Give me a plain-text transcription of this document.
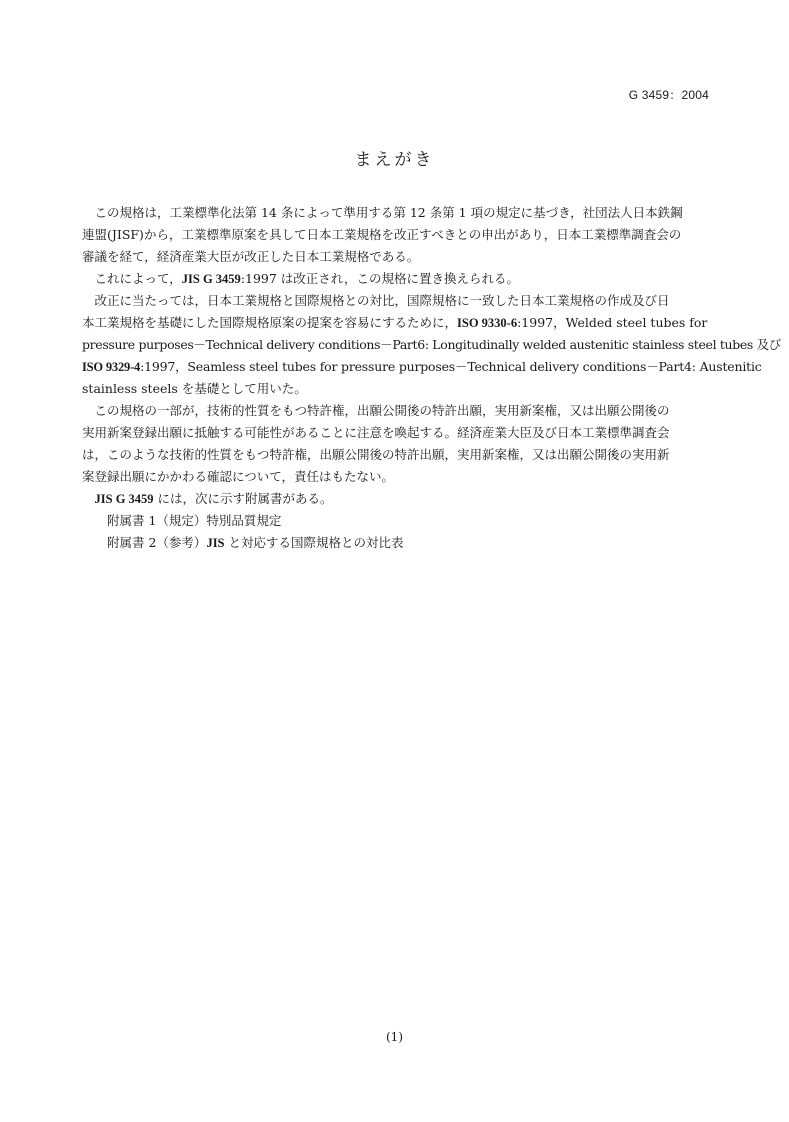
G 3459：2004
まえがき

この規格は，工業標準化法第 14 条によって準用する第 12 条第 1 項の規定に基づき，社団法人日本鉄鋼

連盟(JISF)から，工業標準原案を具して日本工業規格を改正すべきとの申出があり，日本工業標準調査会の

審議を経て，経済産業大臣が改正した日本工業規格である。

これによって，JIS G 3459:1997 は改正され，この規格に置き換えられる。

改正に当たっては，日本工業規格と国際規格との対比，国際規格に一致した日本工業規格の作成及び日

本工業規格を基礎にした国際規格原案の提案を容易にするために，ISO 9330-6:1997，Welded steel tubes for

pressure purposes－Technical delivery conditions－Part6: Longitudinally welded austenitic stainless steel tubes 及び

ISO 9329-4:1997，Seamless steel tubes for pressure purposes－Technical delivery conditions－Part4: Austenitic

stainless steels を基礎として用いた。

この規格の一部が，技術的性質をもつ特許権，出願公開後の特許出願，実用新案権，又は出願公開後の

実用新案登録出願に抵触する可能性があることに注意を喚起する。経済産業大臣及び日本工業標準調査会

は，このような技術的性質をもつ特許権，出願公開後の特許出願，実用新案権，又は出願公開後の実用新

案登録出願にかかわる確認について，責任はもたない。

JIS G 3459 には，次に示す附属書がある。

附属書 1（規定）特別品質規定

附属書 2（参考）JIS と対応する国際規格との対比表

(1)
